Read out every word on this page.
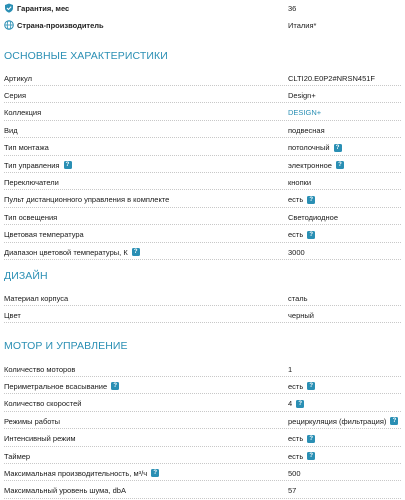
Гарантия, мес	36
Страна-производитель	Италия*
ОСНОВНЫЕ ХАРАКТЕРИСТИКИ
Артикул	CLTI20.E0P2#NRSN451F
Серия	Design+
Коллекция	DESIGN+
Вид	подвесная
Тип монтажа	потолочный	?
Тип управления	?	электронное	?
Переключатели	кнопки
Пульт дистанционного управления в комплекте	есть	?
Тип освещения	Светодиодное
Цветовая температура	есть	?
Диапазон цветовой температуры, К	?	3000
ДИЗАЙН
Материал корпуса	сталь
Цвет	черный
МОТОР И УПРАВЛЕНИЕ
Количество моторов	1
Периметральное всасывание	?	есть	?
Количество скоростей	4	?
Режимы работы	рециркуляция (фильтрация)	?
Интенсивный режим	есть	?
Таймер	есть	?
Максимальная производительность, м³/ч	?	500
Максимальный уровень шума, dbA	57
